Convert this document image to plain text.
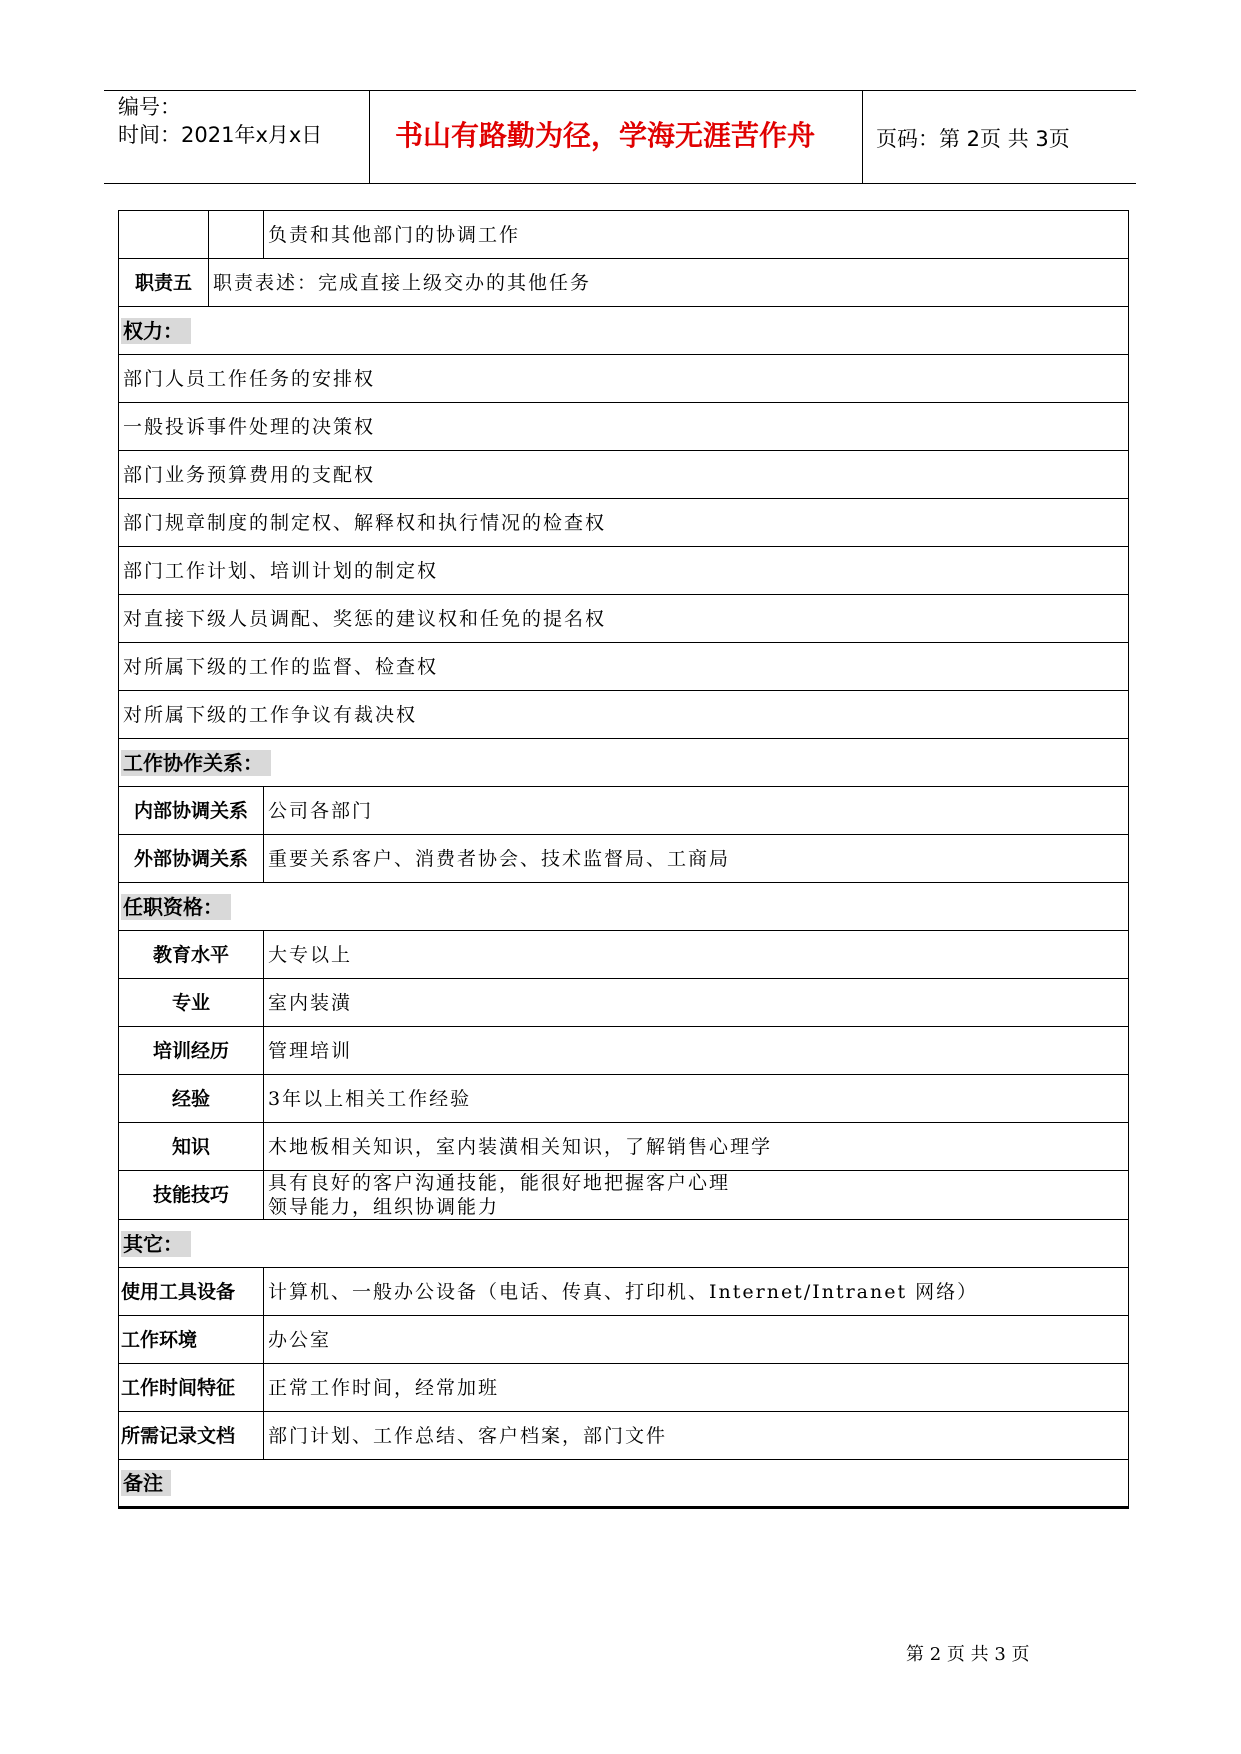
编号：
时间：2021年x月x日	书山有路勤为径，学海无涯苦作舟	页码：第 2页 共 3页
		负责和其他部门的协调工作
职责五	职责表述：完成直接上级交办的其他任务	
权力：		
部门人员工作任务的安排权		
一般投诉事件处理的决策权		
部门业务预算费用的支配权		
部门规章制度的制定权、解释权和执行情况的检查权		
部门工作计划、培训计划的制定权		
对直接下级人员调配、奖惩的建议权和任免的提名权		
对所属下级的工作的监督、检查权		
对所属下级的工作争议有裁决权		
工作协作关系：		
内部协调关系		公司各部门
外部协调关系		重要关系客户、消费者协会、技术监督局、工商局
任职资格：		
教育水平		大专以上
专业		室内装潢
培训经历		管理培训
经验		3年以上相关工作经验
知识		木地板相关知识，室内装潢相关知识，了解销售心理学
技能技巧		具有良好的客户沟通技能，能很好地把握客户心理
领导能力，组织协调能力

其它：		
使用工具设备		计算机、一般办公设备（电话、传真、打印机、Internet/Intranet 网络）
工作环境		办公室
工作时间特征		正常工作时间，经常加班
所需记录文档		部门计划、工作总结、客户档案，部门文件
备注		
第 2 页 共 3 页
